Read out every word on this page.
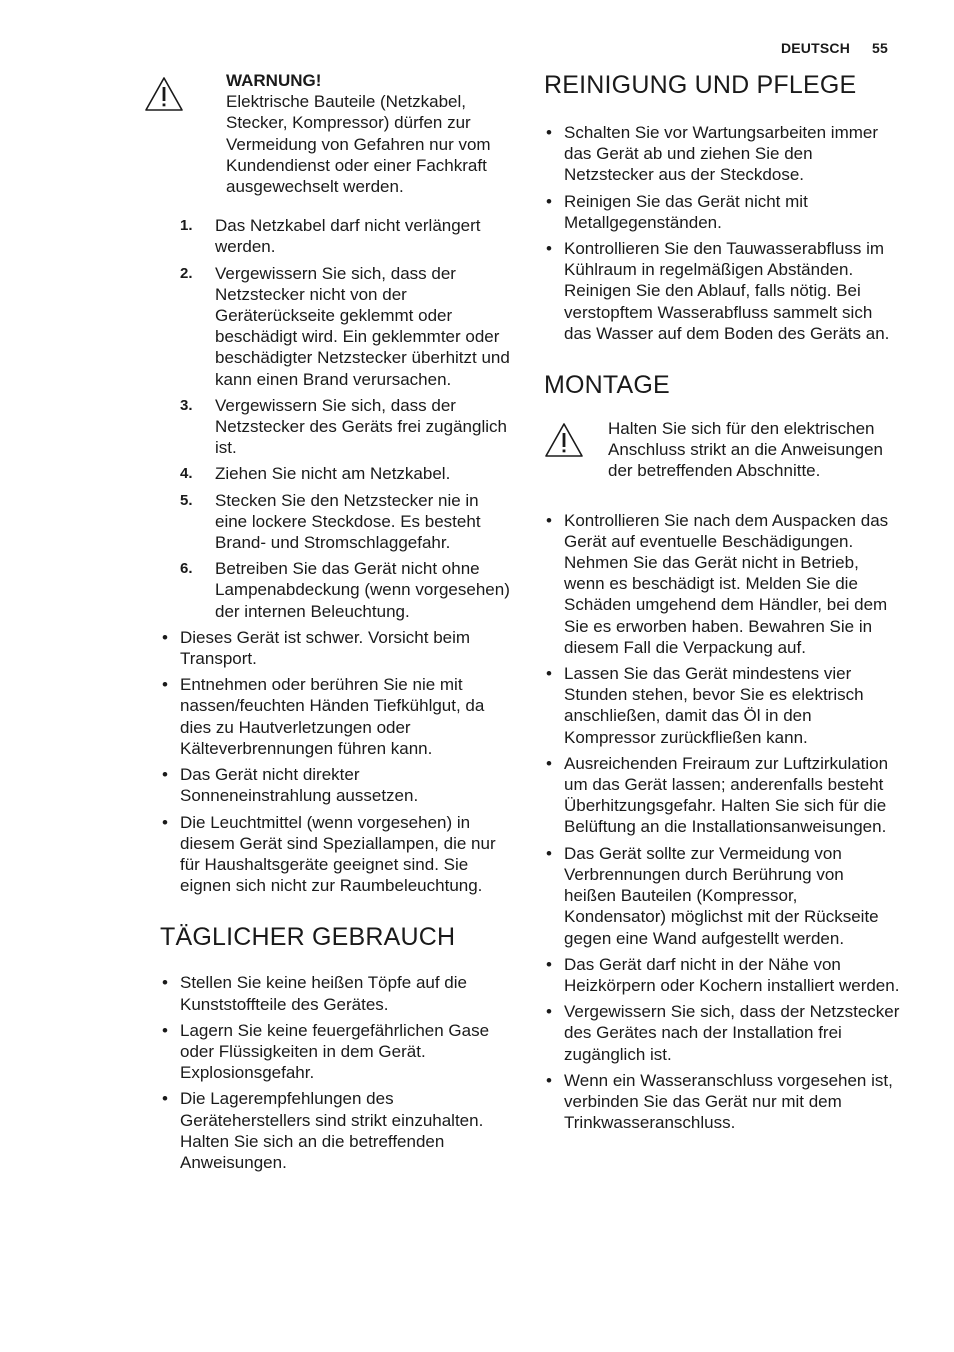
DEUTSCH 55
WARNUNG!
Elektrische Bauteile (Netzkabel, Stecker, Kompressor) dürfen zur Vermeidung von Gefahren nur vom Kundendienst oder einer Fachkraft ausgewechselt werden.
1. Das Netzkabel darf nicht verlängert werden.
2. Vergewissern Sie sich, dass der Netzstecker nicht von der Geräterückseite geklemmt oder beschädigt wird. Ein geklemmter oder beschädigter Netzstecker überhitzt und kann einen Brand verursachen.
3. Vergewissern Sie sich, dass der Netzstecker des Geräts frei zugänglich ist.
4. Ziehen Sie nicht am Netzkabel.
5. Stecken Sie den Netzstecker nie in eine lockere Steckdose. Es besteht Brand- und Stromschlaggefahr.
6. Betreiben Sie das Gerät nicht ohne Lampenabdeckung (wenn vorgesehen) der internen Beleuchtung.
• Dieses Gerät ist schwer. Vorsicht beim Transport.
• Entnehmen oder berühren Sie nie mit nassen/feuchten Händen Tiefkühlgut, da dies zu Hautverletzungen oder Kälteverbrennungen führen kann.
• Das Gerät nicht direkter Sonneneinstrahlung aussetzen.
• Die Leuchtmittel (wenn vorgesehen) in diesem Gerät sind Speziallampen, die nur für Haushaltsgeräte geeignet sind. Sie eignen sich nicht zur Raumbeleuchtung.
TÄGLICHER GEBRAUCH
• Stellen Sie keine heißen Töpfe auf die Kunststoffteile des Gerätes.
• Lagern Sie keine feuergefährlichen Gase oder Flüssigkeiten in dem Gerät. Explosionsgefahr.
• Die Lagerempfehlungen des Geräteherstellers sind strikt einzuhalten. Halten Sie sich an die betreffenden Anweisungen.
REINIGUNG UND PFLEGE
• Schalten Sie vor Wartungsarbeiten immer das Gerät ab und ziehen Sie den Netzstecker aus der Steckdose.
• Reinigen Sie das Gerät nicht mit Metallgegenständen.
• Kontrollieren Sie den Tauwasserabfluss im Kühlraum in regelmäßigen Abständen. Reinigen Sie den Ablauf, falls nötig. Bei verstopftem Wasserabfluss sammelt sich das Wasser auf dem Boden des Geräts an.
MONTAGE
Halten Sie sich für den elektrischen Anschluss strikt an die Anweisungen der betreffenden Abschnitte.
• Kontrollieren Sie nach dem Auspacken das Gerät auf eventuelle Beschädigungen. Nehmen Sie das Gerät nicht in Betrieb, wenn es beschädigt ist. Melden Sie die Schäden umgehend dem Händler, bei dem Sie es erworben haben. Bewahren Sie in diesem Fall die Verpackung auf.
• Lassen Sie das Gerät mindestens vier Stunden stehen, bevor Sie es elektrisch anschließen, damit das Öl in den Kompressor zurückfließen kann.
• Ausreichenden Freiraum zur Luftzirkulation um das Gerät lassen; anderenfalls besteht Überhitzungsgefahr. Halten Sie sich für die Belüftung an die Installationsanweisungen.
• Das Gerät sollte zur Vermeidung von Verbrennungen durch Berührung von heißen Bauteilen (Kompressor, Kondensator) möglichst mit der Rückseite gegen eine Wand aufgestellt werden.
• Das Gerät darf nicht in der Nähe von Heizkörpern oder Kochern installiert werden.
• Vergewissern Sie sich, dass der Netzstecker des Gerätes nach der Installation frei zugänglich ist.
• Wenn ein Wasseranschluss vorgesehen ist, verbinden Sie das Gerät nur mit dem Trinkwasseranschluss.
